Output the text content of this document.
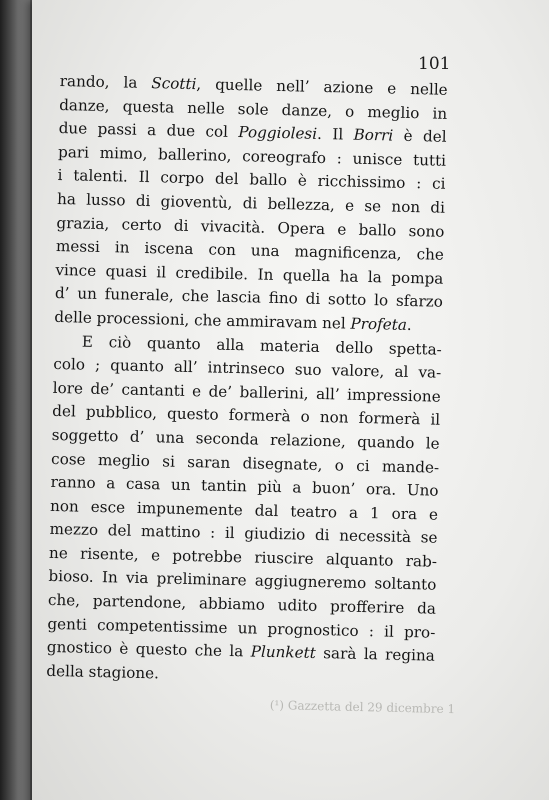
101
rando, la Scotti, quelle nell’ azione e nelle
danze, questa nelle sole danze, o meglio in
due passi a due col Poggiolesi. Il Borri è del
pari mimo, ballerino, coreografo : unisce tutti
i talenti. Il corpo del ballo è ricchissimo : ci
ha lusso di gioventù, di bellezza, e se non di
grazia, certo di vivacità. Opera e ballo sono
messi in iscena con una magnificenza, che
vince quasi il credibile. In quella ha la pompa
d’ un funerale, che lascia fino di sotto lo sfarzo
delle processioni, che ammiravam nel Profeta.
E ciò quanto alla materia dello spetta-
colo ; quanto all’ intrinseco suo valore, al va-
lore de’ cantanti e de’ ballerini, all’ impressione
del pubblico, questo formerà o non formerà il
soggetto d’ una seconda relazione, quando le
cose meglio si saran disegnate, o ci mande-
ranno a casa un tantin più a buon’ ora. Uno
non esce impunemente dal teatro a 1 ora e
mezzo del mattino : il giudizio di necessità se
ne risente, e potrebbe riuscire alquanto rab-
bioso. In via preliminare aggiugneremo soltanto
che, partendone, abbiamo udito profferire da
genti competentissime un prognostico : il pro-
gnostico è questo che la Plunkett sarà la regina
della stagione.
(¹) Gazzetta del 29 dicembre 1
